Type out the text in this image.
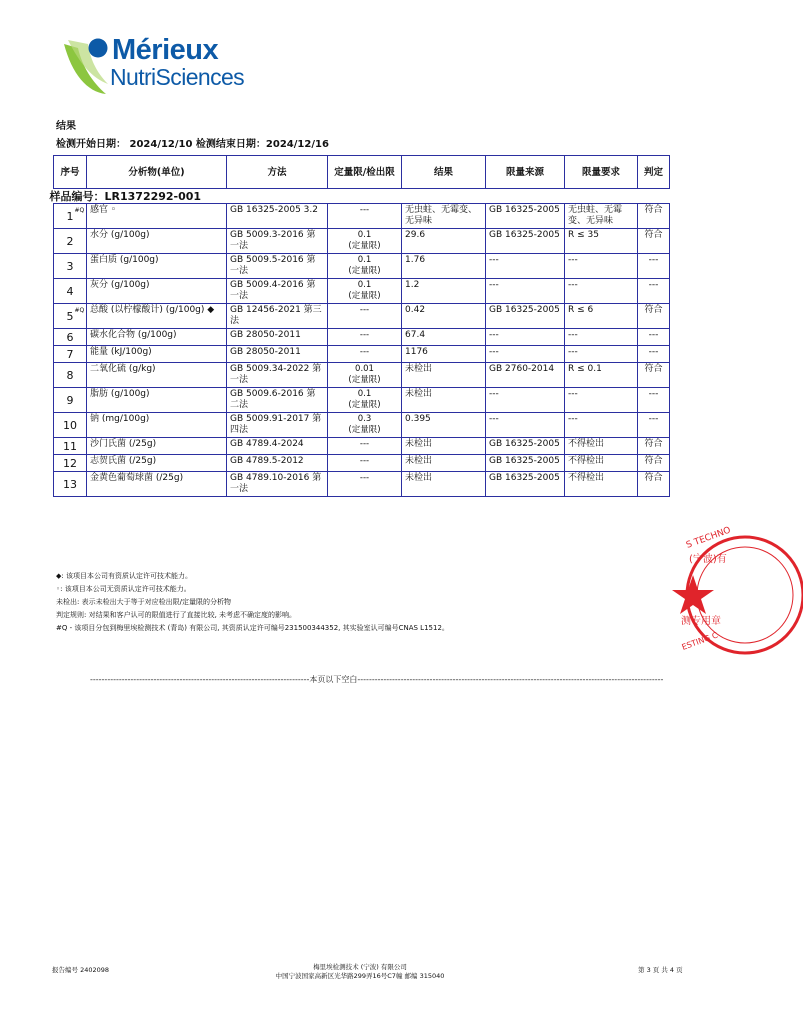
Mérieux
NutriSciences
结果
检测开始日期： 2024/12/10 检测结束日期：2024/12/16
序号	分析物(单位)	方法	定量限/检出限	结果	限量来源	限量要求	判定
样品编号：LR1372292-001
1 #Q	感官 ◦	GB 16325-2005 3.2	---	无虫蛀、无霉变、无异味	GB 16325-2005	无虫蛀、无霉变、无异味	符合
2	水分 (g/100g)	GB 5009.3-2016 第一法	0.1
(定量限)	29.6	GB 16325-2005	R ≤ 35	符合
3	蛋白质 (g/100g)	GB 5009.5-2016 第一法	0.1
(定量限)	1.76	---	---	---
4	灰分 (g/100g)	GB 5009.4-2016 第一法	0.1
(定量限)	1.2	---	---	---
5 #Q	总酸 (以柠檬酸计) (g/100g) ◆	GB 12456-2021 第三法	---	0.42	GB 16325-2005	R ≤ 6	符合
6	碳水化合物 (g/100g)	GB 28050-2011	---	67.4	---	---	---
7	能量 (kJ/100g)	GB 28050-2011	---	1176	---	---	---
8	二氧化硫 (g/kg)	GB 5009.34-2022 第一法	0.01
(定量限)	未检出	GB 2760-2014	R ≤ 0.1	符合
9	脂肪 (g/100g)	GB 5009.6-2016 第二法	0.1
(定量限)	未检出	---	---	---
10	钠 (mg/100g)	GB 5009.91-2017 第四法	0.3
(定量限)	0.395	---	---	---
11	沙门氏菌 (/25g)	GB 4789.4-2024	---	未检出	GB 16325-2005	不得检出	符合
12	志贺氏菌 (/25g)	GB 4789.5-2012	---	未检出	GB 16325-2005	不得检出	符合
13	金黄色葡萄球菌 (/25g)	GB 4789.10-2016 第一法	---	未检出	GB 16325-2005	不得检出	符合
◆: 该项目本公司有资质认定许可技术能力。
◦: 该项目本公司无资质认定许可技术能力。
未检出: 表示未检出大于等于对应检出限/定量限的分析物
判定规则: 对结果和客户认可的限值进行了直接比较, 未考虑不确定度的影响。
#Q - 该项目分包到梅里埃检测技术 (青岛) 有限公司, 其资质认定许可编号231500344352, 其实验室认可编号CNAS L1512。
----------------------------------------------------------------------------本页以下空白----------------------------------------------------------------------------------------------------------
S TECHNO
(宁波)有
测专用章
ESTING C
报告编号 2402098	梅里埃检测技术 (宁波) 有限公司
中国宁波国家高新区光华路299弄16号C7幢 邮编 315040
第 3 页 共 4 页
